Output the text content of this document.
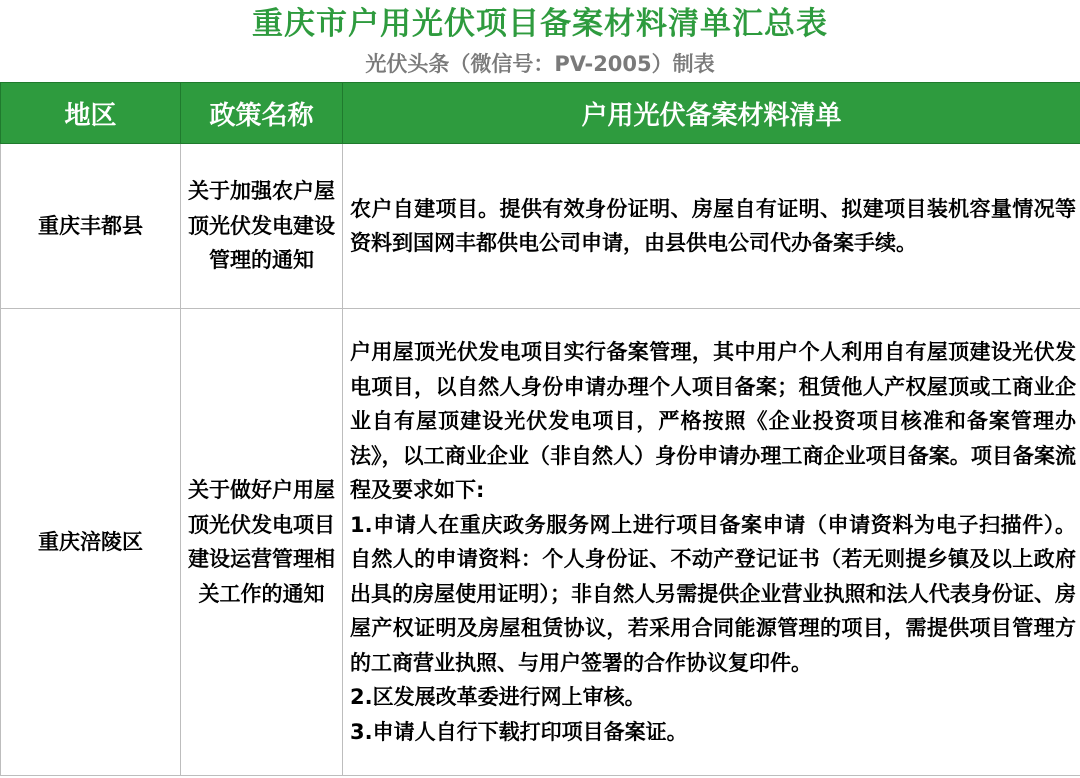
重庆市户用光伏项目备案材料清单汇总表
光伏头条（微信号：PV-2005）制表
地区	政策名称	户用光伏备案材料清单
重庆丰都县	关于加强农户屋顶光伏发电建设管理的通知	农户自建项目。提供有效身份证明、房屋自有证明、拟建项目装机容量情况等资料到国网丰都供电公司申请，由县供电公司代办备案手续。

重庆涪陵区	关于做好户用屋顶光伏发电项目建设运营管理相关工作的通知	户用屋顶光伏发电项目实行备案管理，其中用户个人利用自有屋顶建设光伏发电项目，以自然人身份申请办理个人项目备案；租赁他人产权屋顶或工商业企业自有屋顶建设光伏发电项目，严格按照《企业投资项目核准和备案管理办法》，以工商业企业（非自然人）身份申请办理工商企业项目备案。项目备案流程及要求如下:

1.申请人在重庆政务服务网上进行项目备案申请（申请资料为电子扫描件）。自然人的申请资料：个人身份证、不动产登记证书（若无则提乡镇及以上政府出具的房屋使用证明）；非自然人另需提供企业营业执照和法人代表身份证、房屋产权证明及房屋租赁协议，若采用合同能源管理的项目，需提供项目管理方的工商营业执照、与用户签署的合作协议复印件。

2.区发展改革委进行网上审核。

3.申请人自行下载打印项目备案证。
